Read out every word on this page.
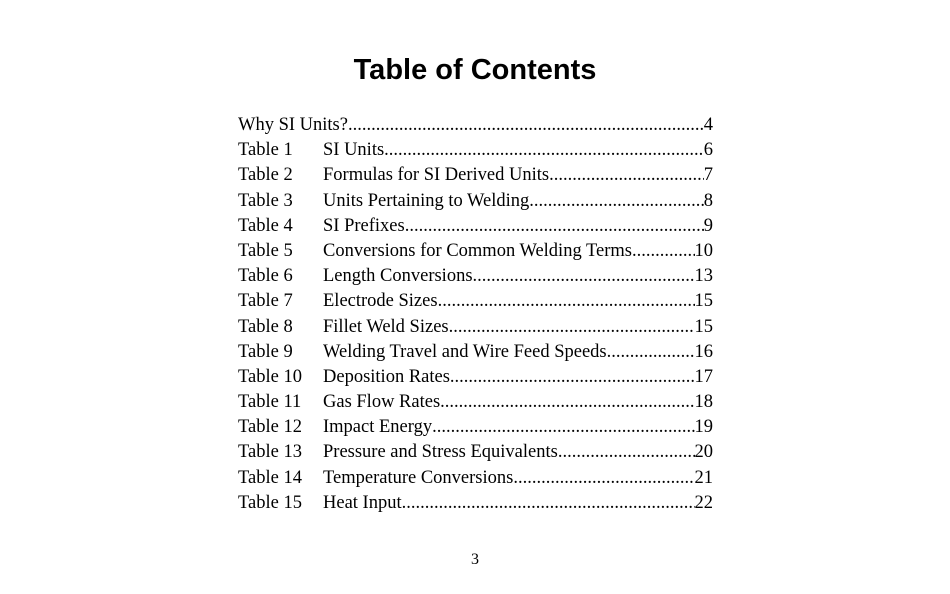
Table of Contents
Why SI Units? .....	4
Table 1	SI Units .....	6
Table 2	Formulas for SI Derived Units .....	7
Table 3	Units Pertaining to Welding .....	8
Table 4	SI Prefixes .....	9
Table 5	Conversions for Common Welding Terms .....	10
Table 6	Length Conversions .....	13
Table 7	Electrode Sizes .....	15
Table 8	Fillet Weld Sizes .....	15
Table 9	Welding Travel and Wire Feed Speeds .....	16
Table 10	Deposition Rates .....	17
Table 11	Gas Flow Rates .....	18
Table 12	Impact Energy .....	19
Table 13	Pressure and Stress Equivalents .....	20
Table 14	Temperature Conversions .....	21
Table 15	Heat Input .....	22
3
